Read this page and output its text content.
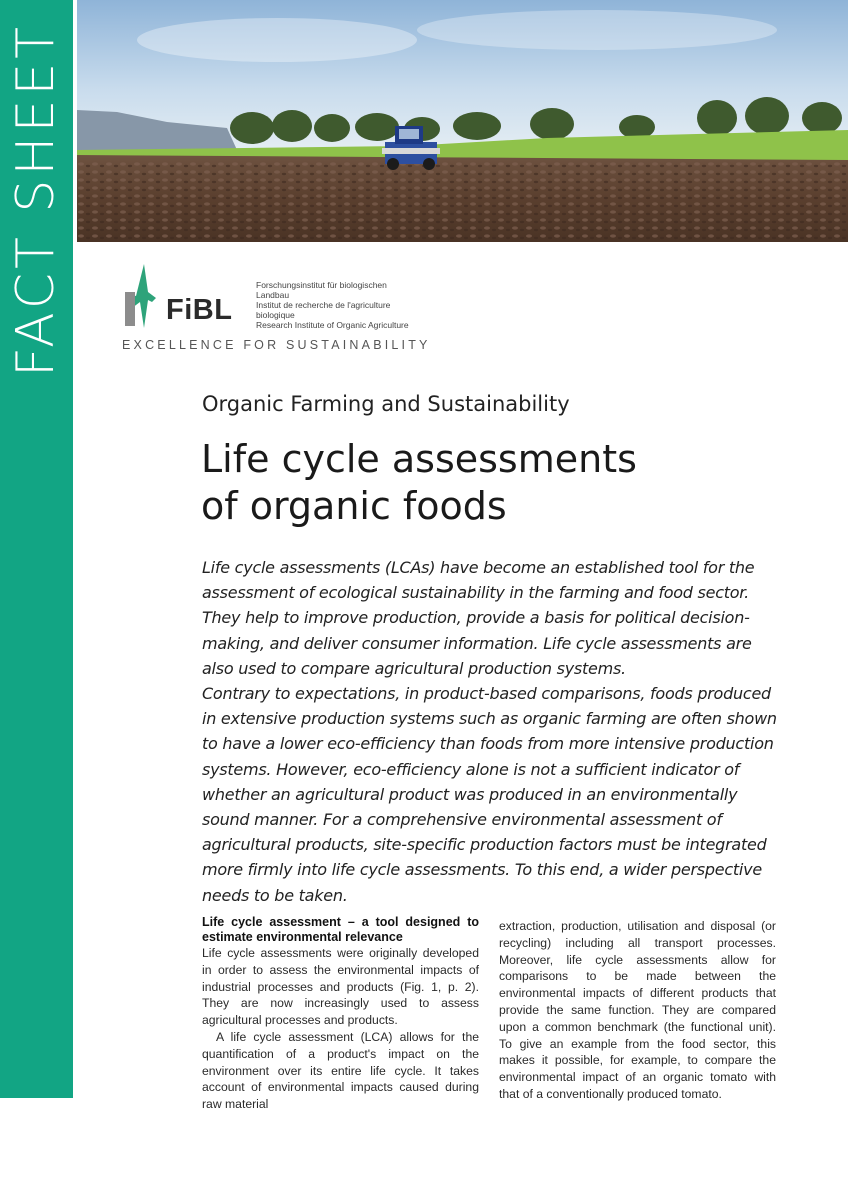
FACT SHEET	FiBL
Forschungsinstitut für biologischen Landbau
Institut de recherche de l'agriculture biologique
Research Institute of Organic Agriculture
EXCELLENCE FOR SUSTAINABILITY
Organic Farming and Sustainability
Life cycle assessments
of organic foods

Life cycle assessments (LCAs) have become an established tool for the assessment of ecological sustainability in the farming and food sector. They help to improve production, provide a basis for political decision-making, and deliver consumer information. Life cycle assessments are also used to compare agricultural production systems.

Contrary to expectations, in product-based comparisons, foods produced in extensive production systems such as organic farming are often shown to have a lower eco-efficiency than foods from more intensive production systems. However, eco-efficiency alone is not a sufficient indicator of whether an agricultural product was produced in an environmentally sound manner. For a comprehensive environmental assessment of agricultural products, site-specific production factors must be integrated more firmly into life cycle assessments. To this end, a wider perspective needs to be taken.

Life cycle assessment – a tool designed to estimate environmental relevance

Life cycle assessments were originally developed in order to assess the environmental impacts of industrial processes and products (Fig. 1, p. 2). They are now increasingly used to assess agricultural processes and products.

A life cycle assessment (LCA) allows for the quantification of a product's impact on the environment over its entire life cycle. It takes account of environmental impacts caused during raw material

extraction, production, utilisation and disposal (or recycling) including all transport processes. Moreover, life cycle assessments allow for comparisons to be made between the environmental impacts of different products that provide the same function. They are compared upon a common benchmark (the functional unit). To give an example from the food sector, this makes it possible, for example, to compare the environmental impact of an organic tomato with that of a conventionally produced tomato.
